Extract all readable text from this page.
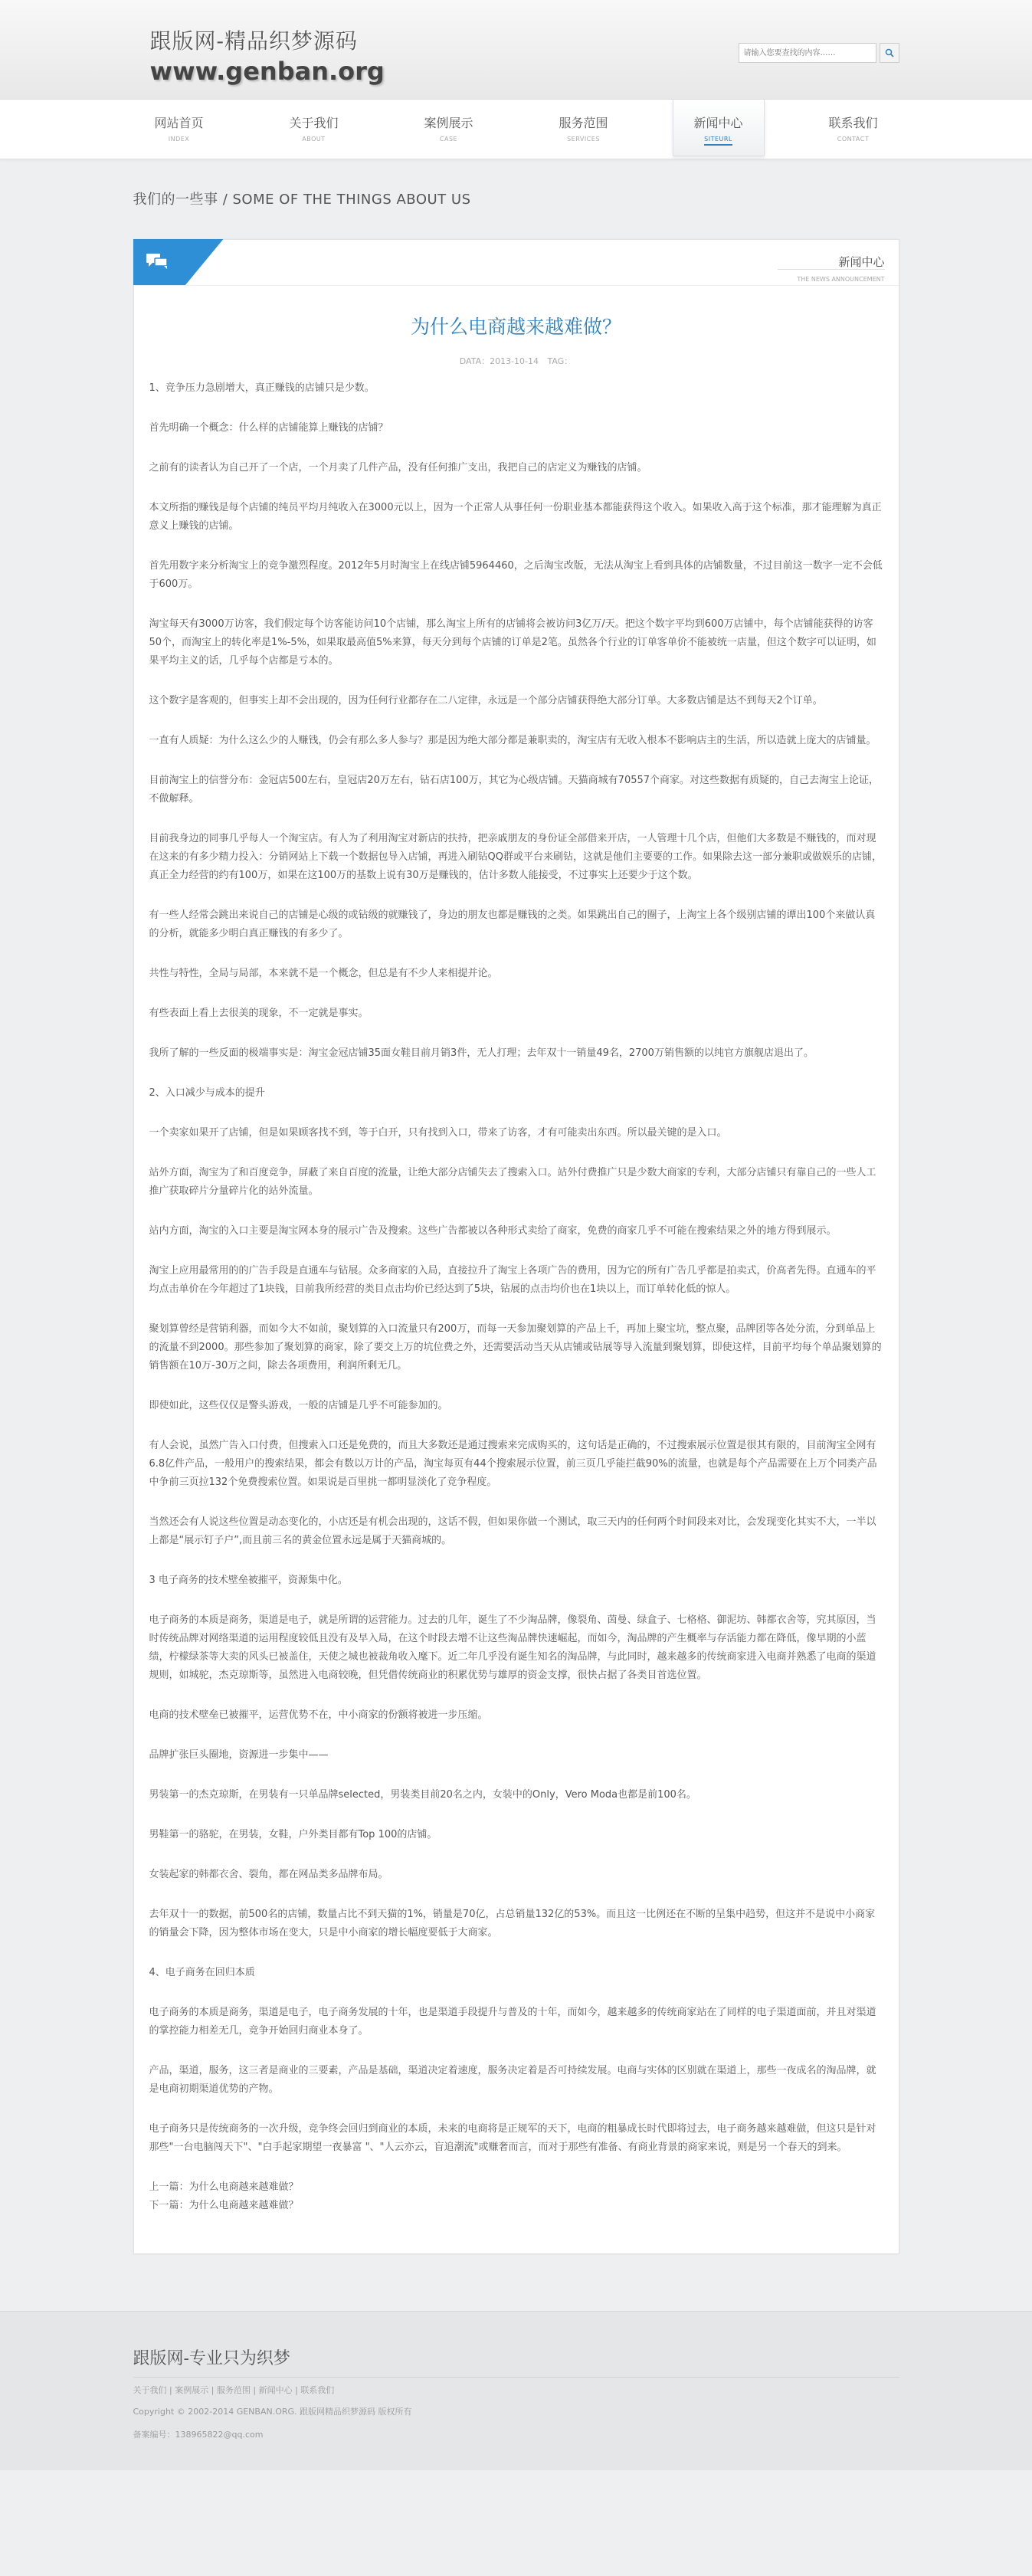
跟版网-精品织梦源码
www.genban.org
请输入您要查找的内容……
网站首页
INDEX
关于我们
ABOUT
案例展示
CASE
服务范围
SERVICES
新闻中心
SITEURL
联系我们
CONTACT
我们的一些事 / SOME OF THE THINGS ABOUT US
新闻中心
THE NEWS ANNOUNCEMENT
为什么电商越来越难做？
DATA：2013-10-14 TAG：
1、竞争压力急剧增大，真正赚钱的店铺只是少数。
首先明确一个概念：什么样的店铺能算上赚钱的店铺？
之前有的读者认为自己开了一个店，一个月卖了几件产品，没有任何推广支出，我把自己的店定义为赚钱的店铺。
本文所指的赚钱是每个店铺的纯员平均月纯收入在3000元以上，因为一个正常人从事任何一份职业基本都能获得这个收入。如果收入高于这个标准，那才能理解为真正意义上赚钱的店铺。
首先用数字来分析淘宝上的竞争激烈程度。2012年5月时淘宝上在线店铺5964460，之后淘宝改版，无法从淘宝上看到具体的店铺数量，不过目前这一数字一定不会低于600万。
淘宝每天有3000万访客，我们假定每个访客能访问10个店铺，那么淘宝上所有的店铺将会被访问3亿万/天。把这个数字平均到600万店铺中，每个店铺能获得的访客50个，而淘宝上的转化率是1%-5%，如果取最高值5%来算，每天分到每个店铺的订单是2笔。虽然各个行业的订单客单价不能被统一店量，但这个数字可以证明，如果平均主义的话，几乎每个店都是亏本的。
这个数字是客观的，但事实上却不会出现的，因为任何行业都存在二八定律，永远是一个部分店铺获得绝大部分订单。大多数店铺是达不到每天2个订单。
一直有人质疑：为什么这么少的人赚钱，仍会有那么多人参与？那是因为绝大部分都是兼职卖的，淘宝店有无收入根本不影响店主的生活，所以造就上庞大的店铺量。
目前淘宝上的信誉分布：金冠店500左右，皇冠店20万左右，钻石店100万，其它为心级店铺。天猫商城有70557个商家。对这些数据有质疑的，自己去淘宝上论证，不做解释。
目前我身边的同事几乎每人一个淘宝店。有人为了利用淘宝对新店的扶持，把亲戚朋友的身份证全部借来开店，一人管理十几个店，但他们大多数是不赚钱的，而对现在这来的有多少精力投入：分销网站上下载一个数据包导入店铺，再进入刷钻QQ群或平台来刷钻，这就是他们主要要的工作。如果除去这一部分兼职或做娱乐的店铺，真正全力经营的约有100万，如果在这100万的基数上说有30万是赚钱的，估计多数人能接受，不过事实上还要少于这个数。
有一些人经常会跳出来说自己的店铺是心级的或钻级的就赚钱了，身边的朋友也都是赚钱的之类。如果跳出自己的圈子，上淘宝上各个级别店铺的谭出100个来做认真的分析，就能多少明白真正赚钱的有多少了。
共性与特性，全局与局部，本来就不是一个概念，但总是有不少人来相提并论。
有些表面上看上去很美的现象，不一定就是事实。
我所了解的一些反面的极端事实是：淘宝金冠店铺35面女鞋目前月销3件，无人打理；去年双十一销量49名，2700万销售额的以纯官方旗舰店退出了。
2、入口减少与成本的提升
一个卖家如果开了店铺，但是如果顾客找不到，等于白开，只有找到入口，带来了访客，才有可能卖出东西。所以最关键的是入口。
站外方面，淘宝为了和百度竞争，屏蔽了来自百度的流量，让绝大部分店铺失去了搜索入口。站外付费推广只是少数大商家的专利，大部分店铺只有靠自己的一些人工推广获取碎片分量碎片化的站外流量。
站内方面，淘宝的入口主要是淘宝网本身的展示广告及搜索。这些广告都被以各种形式卖给了商家，免费的商家几乎不可能在搜索结果之外的地方得到展示。
淘宝上应用最常用的的广告手段是直通车与钻展。众多商家的入局，直接拉升了淘宝上各项广告的费用，因为它的所有广告几乎都是拍卖式，价高者先得。直通车的平均点击单价在今年超过了1块钱，目前我所经营的类目点击均价已经达到了5块，钻展的点击均价也在1块以上，而订单转化低的惊人。
聚划算曾经是营销利器，而如今大不如前，聚划算的入口流量只有200万，而每一天参加聚划算的产品上千，再加上聚宝坑，整点聚，品牌团等各处分流，分到单品上的流量不到2000。那些参加了聚划算的商家，除了要交上万的坑位费之外，还需要活动当天从店铺或钻展等导入流量到聚划算，即使这样，目前平均每个单品聚划算的销售额在10万-30万之间，除去各项费用，利润所剩无几。
即使如此，这些仅仅是警头游戏，一般的店铺是几乎不可能参加的。
有人会说，虽然广告入口付费，但搜索入口还是免费的，而且大多数还是通过搜索来完成购买的，这句话是正确的，不过搜索展示位置是很其有限的，目前淘宝全网有6.8亿件产品，一般用户的搜索结果，都会有数以万计的产品，淘宝每页有44个搜索展示位置，前三页几乎能拦截90%的流量，也就是每个产品需要在上万个同类产品中争前三页拉132个免费搜索位置。如果说是百里挑一都明显淡化了竞争程度。
当然还会有人说这些位置是动态变化的，小店还是有机会出现的，这话不假，但如果你做一个测试，取三天内的任何两个时间段来对比，会发现变化其实不大，一半以上都是“展示钉子户”,而且前三名的黄金位置永远是属于天猫商城的。
3 电子商务的技术壁垒被摧平，资源集中化。
电子商务的本质是商务，渠道是电子，就是所谓的运营能力。过去的几年，诞生了不少淘品牌，像裂角、茵曼、绿盒子、七格格、御泥坊、韩都衣舍等，究其原因，当时传统品牌对网络渠道的运用程度较低且没有及早入局，在这个时段去增不让这些淘品牌快速崛起，而如今，淘品牌的产生概率与存活能力都在降低，像早期的小蓝绩，柠檬绿茶等大卖的风头已被盖住，天使之城也被裁角收入麾下。近二年几乎没有诞生知名的淘品牌，与此同时，越来越多的传统商家进入电商并熟悉了电商的渠道规则，如城驼，杰克琼斯等，虽然进入电商较晚，但凭借传统商业的积累优势与雄厚的资金支撑，很快占据了各类目首选位置。
电商的技术壁垒已被摧平，运营优势不在，中小商家的份额将被进一步压缩。
品牌扩张巨头圈地，资源进一步集中——
男装第一的杰克琼斯，在男装有一只单品牌selected，男装类目前20名之内，女装中的Only，Vero Moda也都是前100名。
男鞋第一的骆驼，在男装，女鞋，户外类目都有Top 100的店铺。
女装起家的韩都衣舍、裂角，都在网品类多品牌布局。
去年双十一的数据，前500名的店铺，数量占比不到天猫的1%，销量是70亿，占总销量132亿的53%。而且这一比例还在不断的呈集中趋势，但这并不是说中小商家的销量会下降，因为整体市场在变大，只是中小商家的增长幅度要低于大商家。
4、电子商务在回归本质
电子商务的本质是商务，渠道是电子，电子商务发展的十年，也是渠道手段提升与普及的十年，而如今，越来越多的传统商家站在了同样的电子渠道面前，并且对渠道的掌控能力相差无几，竞争开始回归商业本身了。
产品，渠道，服务，这三者是商业的三要素，产品是基础，渠道决定着速度，服务决定着是否可持续发展。电商与实体的区别就在渠道上，那些一夜成名的淘品牌，就是电商初期渠道优势的产物。
电子商务只是传统商务的一次升级，竞争终会回归到商业的本质，未来的电商将是正规军的天下，电商的粗暴成长时代即将过去，电子商务越来越难做，但这只是针对那些"一台电脑闯天下"、"白手起家期望一夜暴富 "、"人云亦云，盲追潮流"或赚奢而言，而对于那些有准备、有商业背景的商家来说，则是另一个春天的到来。
上一篇：为什么电商越来越难做？
下一篇：为什么电商越来越难做？
跟版网-专业只为织梦
关于我们 | 案例展示 | 服务范围 | 新闻中心 | 联系我们
Copyright © 2002-2014 GENBAN.ORG. 跟版网精品织梦源码 版权所有
备案编号：138965822@qq.com
